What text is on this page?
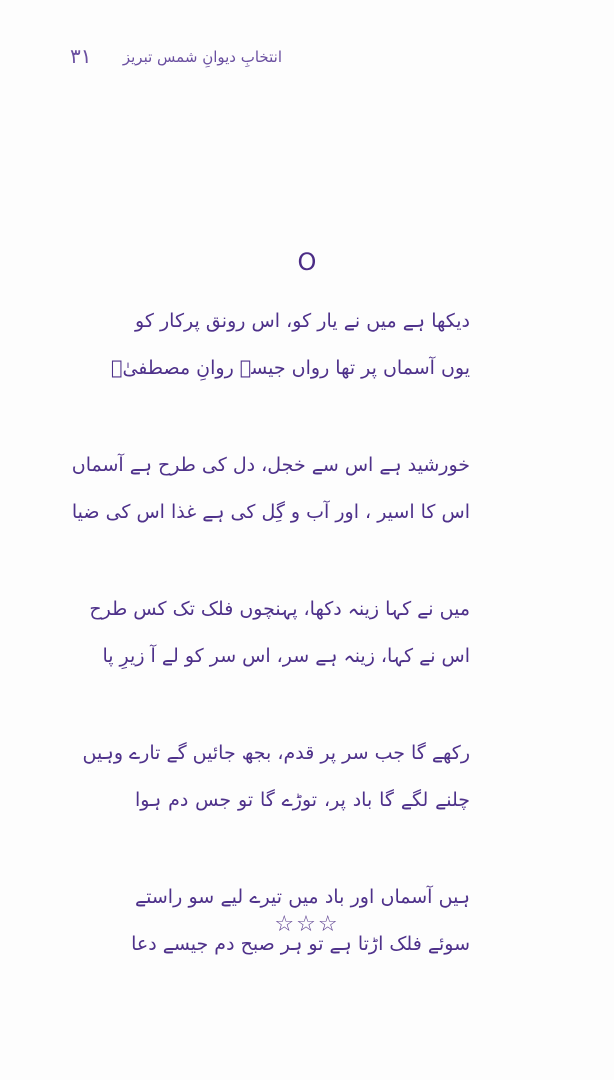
۳۱ انتخابِ دیوانِ شمس تبریز
O
دیکھا ہے میں نے یار کو، اس رونق پرکار کو
یوں آسماں پر تھا رواں جیسے روانِ مصطفیٰؐ
خورشید ہے اس سے خجل، دل کی طرح ہے آسماں
اس کا اسیر ، اور آب و گِل کی ہے غذا اس کی ضیا
میں نے کہا زینہ دکھا، پہنچوں فلک تک کس طرح
اس نے کہا، زینہ ہے سر، اس سر کو لے آ زیرِ پا
رکھے گا جب سر پر قدم، بجھ جائیں گے تارے وہیں
چلنے لگے گا باد پر، توڑے گا تو جس دم ہوا
ہیں آسماں اور باد میں تیرے لیے سو راستے
سوئے فلک اڑتا ہے تو ہر صبح دم جیسے دعا
☆☆☆
